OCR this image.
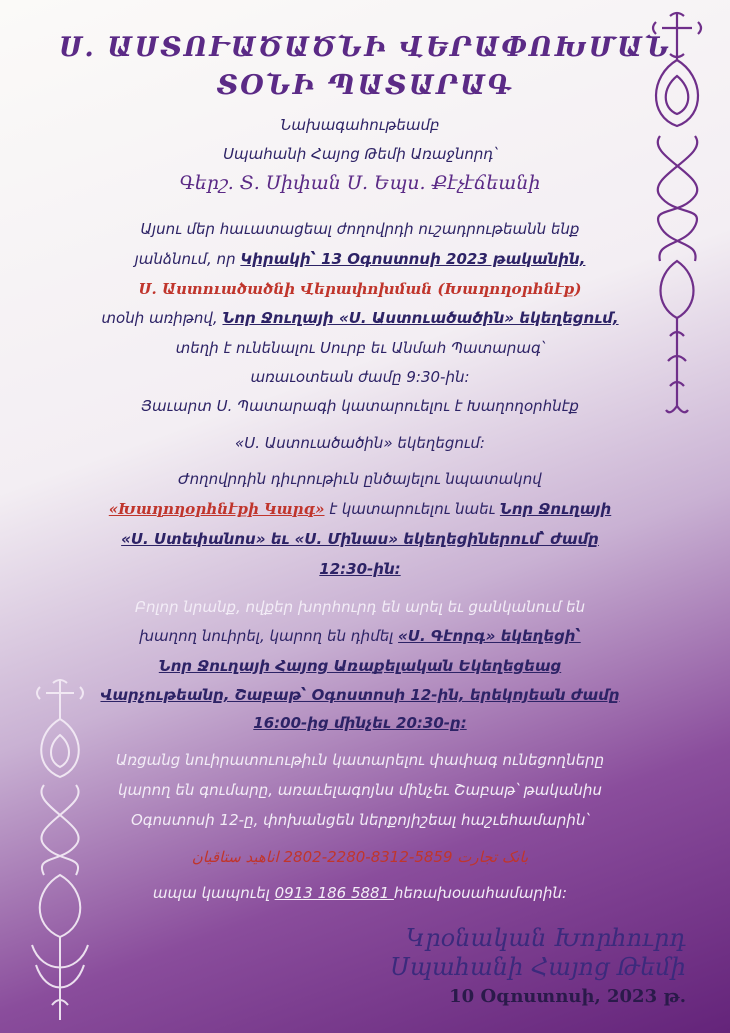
Ս. ԱՍՏՈՒԱԾԱԾՆԻ ՎԵՐԱՓՈԽՄԱՆ
ՏՕՆԻ ՊԱՏԱՐԱԳ
Նախագահութեամբ
Սպահանի Հայոց Թեմի Առաջնորդ՝
Գերշ. Տ. Սիփան Ս. Եպս. Քէչէճեանի
Այսու մեր հաւատացեալ ժողովրդի ուշադրութեանն ենք
յանձնում, որ Կիրակի՝ 13 Օգոստոսի 2023 թականին,
Ս. Աստուածածնի Վերափոխման (Խաղողօրհնէք)
տօնի առիթով, Նոր Ջուղայի «Ս. Աստուածածին» եկեղեցում,
տեղի է ունենալու Սուրբ եւ Անմահ Պատարագ՝
առաւօտեան ժամը 9:30-ին:
Յաւարտ Ս. Պատարագի կատարուելու է Խաղողօրհնէք
«Ս. Աստուածածին» եկեղեցում:
Ժողովրդին դիւրութիւն ընծայելու նպատակով
«Խաղողօրհնէքի Կարգ» է կատարուելու նաեւ Նոր Ջուղայի
«Ս. Ստեփանոս» եւ «Ս. Մինաս» եկեղեցիներում՝ ժամը
12:30-ին:
Բոլոր նրանք, ովքեր խորհուրդ են արել եւ ցանկանում են
խաղող նուիրել, կարող են դիմել «Ս. Գէորգ» եկեղեցի՝
Նոր Ջուղայի Հայոց Առաքելական Եկեղեցեաց
Վարչութեանը, Շաբաթ՝ Օգոստոսի 12-ին, երեկոյեան ժամը
16:00-ից մինչեւ 20:30-ը:
Առցանց նուիրատուութիւն կատարելու փափագ ունեցողները
կարող են գումարը, առաւելագոյնս մինչեւ Շաբաթ՝ թականիս
Օգոստոսի 12-ը, փոխանցեն ներքոյիշեալ հաշւեհամարին՝
بانک تجارت 5859-8312-2280-2802 اناهید ستاقیان
ապա կապուել 0913 186 5881 հեռախօսահամարին:
Կրօնական Խորհուրդ
Սպահանի Հայոց Թեմի
10 Օգոստոսի, 2023 թ.
